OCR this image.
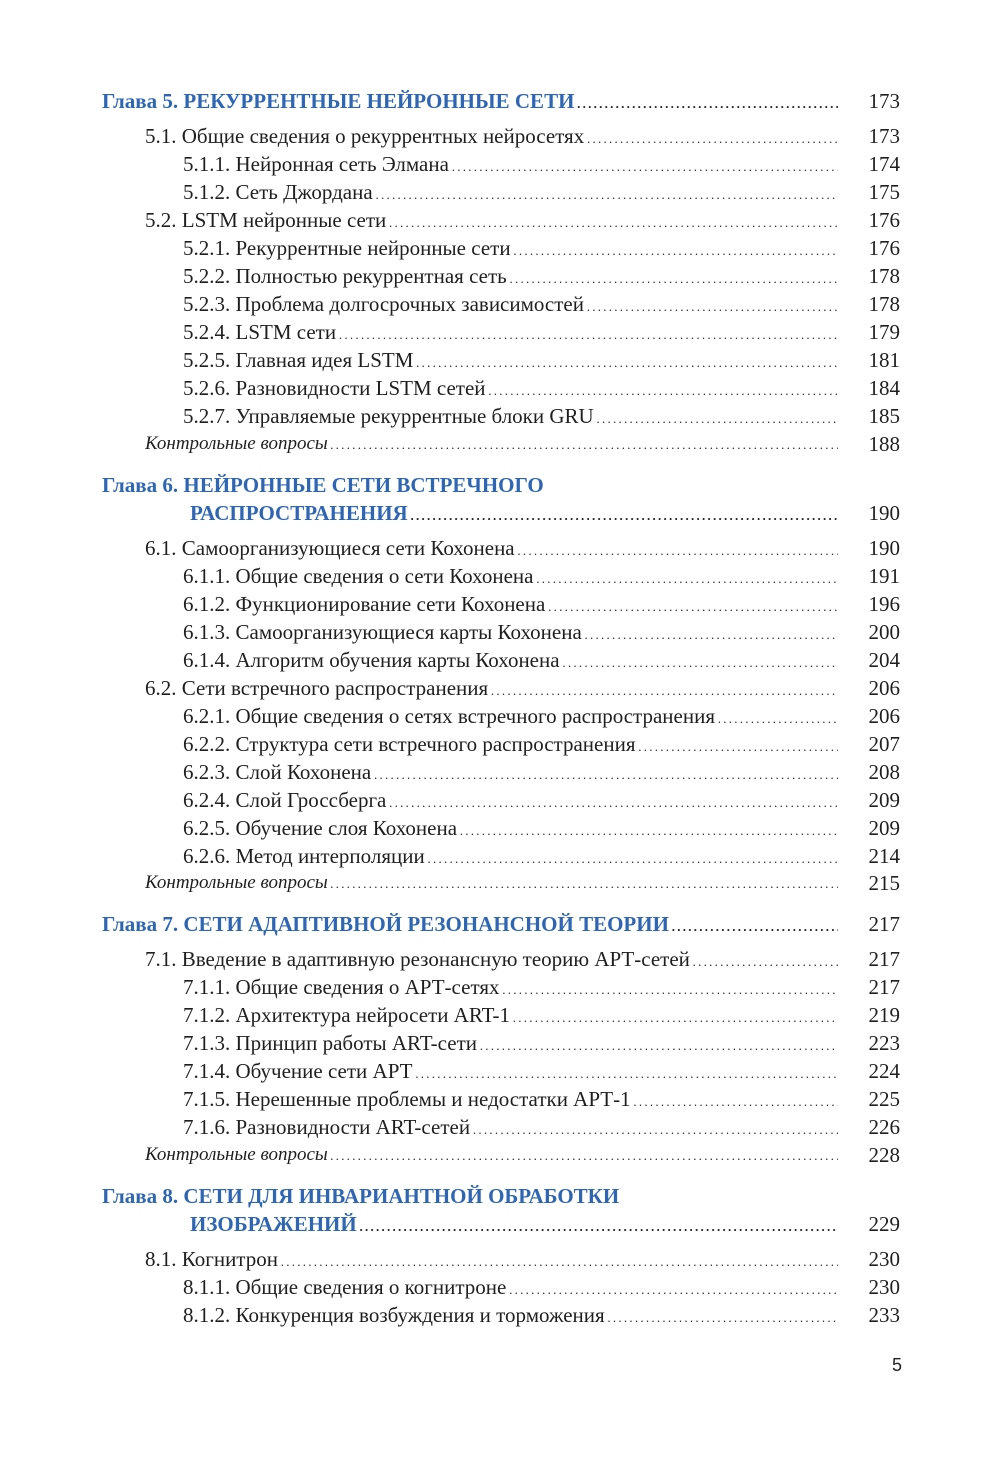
Глава 5. РЕКУРРЕНТНЫЕ НЕЙРОННЫЕ СЕТИ . . .	173
5.1. Общие сведения о рекуррентных нейросетях . . .	173
5.1.1. Нейронная сеть Элмана . . .	174
5.1.2. Сеть Джордана . . .	175
5.2. LSTM нейронные сети . . .	176
5.2.1. Рекуррентные нейронные сети . . .	176
5.2.2. Полностью рекуррентная сеть . . .	178
5.2.3. Проблема долгосрочных зависимостей . . .	178
5.2.4. LSTM сети . . .	179
5.2.5. Главная идея LSTM . . .	181
5.2.6. Разновидности LSTM сетей . . .	184
5.2.7. Управляемые рекуррентные блоки GRU . . .	185
Контрольные вопросы . . .	188
Глава 6. НЕЙРОННЫЕ СЕТИ ВСТРЕЧНОГО
РАСПРОСТРАНЕНИЯ . . .	190
6.1. Самоорганизующиеся сети Кохонена . . .	190
6.1.1. Общие сведения о сети Кохонена . . .	191
6.1.2. Функционирование сети Кохонена . . .	196
6.1.3. Самоорганизующиеся карты Кохонена . . .	200
6.1.4. Алгоритм обучения карты Кохонена . . .	204
6.2. Сети встречного распространения . . .	206
6.2.1. Общие сведения о сетях встречного распространения . . .	206
6.2.2. Структура сети встречного распространения . . .	207
6.2.3. Слой Кохонена . . .	208
6.2.4. Слой Гроссберга . . .	209
6.2.5. Обучение слоя Кохонена . . .	209
6.2.6. Метод интерполяции . . .	214
Контрольные вопросы . . .	215
Глава 7. СЕТИ АДАПТИВНОЙ РЕЗОНАНСНОЙ ТЕОРИИ . . .	217
7.1. Введение в адаптивную резонансную теорию АРТ-сетей . . .	217
7.1.1. Общие сведения о АРТ-сетях . . .	217
7.1.2. Архитектура нейросети ART-1 . . .	219
7.1.3. Принцип работы ART-сети . . .	223
7.1.4. Обучение сети АРТ . . .	224
7.1.5. Нерешенные проблемы и недостатки АРТ-1 . . .	225
7.1.6. Разновидности ART-сетей . . .	226
Контрольные вопросы . . .	228
Глава 8. СЕТИ ДЛЯ ИНВАРИАНТНОЙ ОБРАБОТКИ
ИЗОБРАЖЕНИЙ . . .	229
8.1. Когнитрон . . .	230
8.1.1. Общие сведения о когнитроне . . .	230
8.1.2. Конкуренция возбуждения и торможения . . .	233
5
